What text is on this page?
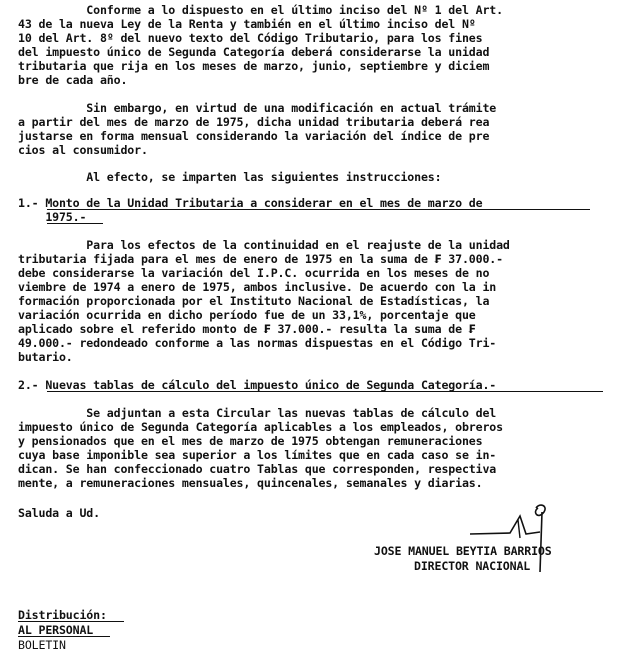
Conforme a lo dispuesto en el último inciso del Nº 1 del Art.
43 de la nueva Ley de la Renta y también en el último inciso del Nº
10 del Art. 8º del nuevo texto del Código Tributario, para los fines
del impuesto único de Segunda Categoría deberá considerarse la unidad
tributaria que rija en los meses de marzo, junio, septiembre y diciem
bre de cada año.
Sin embargo, en virtud de una modificación en actual trámite
a partir del mes de marzo de 1975, dicha unidad tributaria deberá rea
justarse en forma mensual considerando la variación del índice de pre
cios al consumidor.
Al efecto, se imparten las siguientes instrucciones:
1.- Monto de la Unidad Tributaria a considerar en el mes de marzo de
1975.-
Para los efectos de la continuidad en el reajuste de la unidad
tributaria fijada para el mes de enero de 1975 en la suma de ₣ 37.000.-
debe considerarse la variación del I.P.C. ocurrida en los meses de no
viembre de 1974 a enero de 1975, ambos inclusive. De acuerdo con la in
formación proporcionada por el Instituto Nacional de Estadísticas, la
variación ocurrida en dicho período fue de un 33,1%, porcentaje que
aplicado sobre el referido monto de ₣ 37.000.- resulta la suma de ₣
49.000.- redondeado conforme a las normas dispuestas en el Código Tri-
butario.
2.- Nuevas tablas de cálculo del impuesto único de Segunda Categoría.-
Se adjuntan a esta Circular las nuevas tablas de cálculo del
impuesto único de Segunda Categoría aplicables a los empleados, obreros
y pensionados que en el mes de marzo de 1975 obtengan remuneraciones
cuya base imponible sea superior a los límites que en cada caso se in-
dican. Se han confeccionado cuatro Tablas que corresponden, respectiva
mente, a remuneraciones mensuales, quincenales, semanales y diarias.
Saluda a Ud.
JOSE MANUEL BEYTIA BARRIOS
DIRECTOR NACIONAL
Distribución:
AL PERSONAL
BOLETIN
